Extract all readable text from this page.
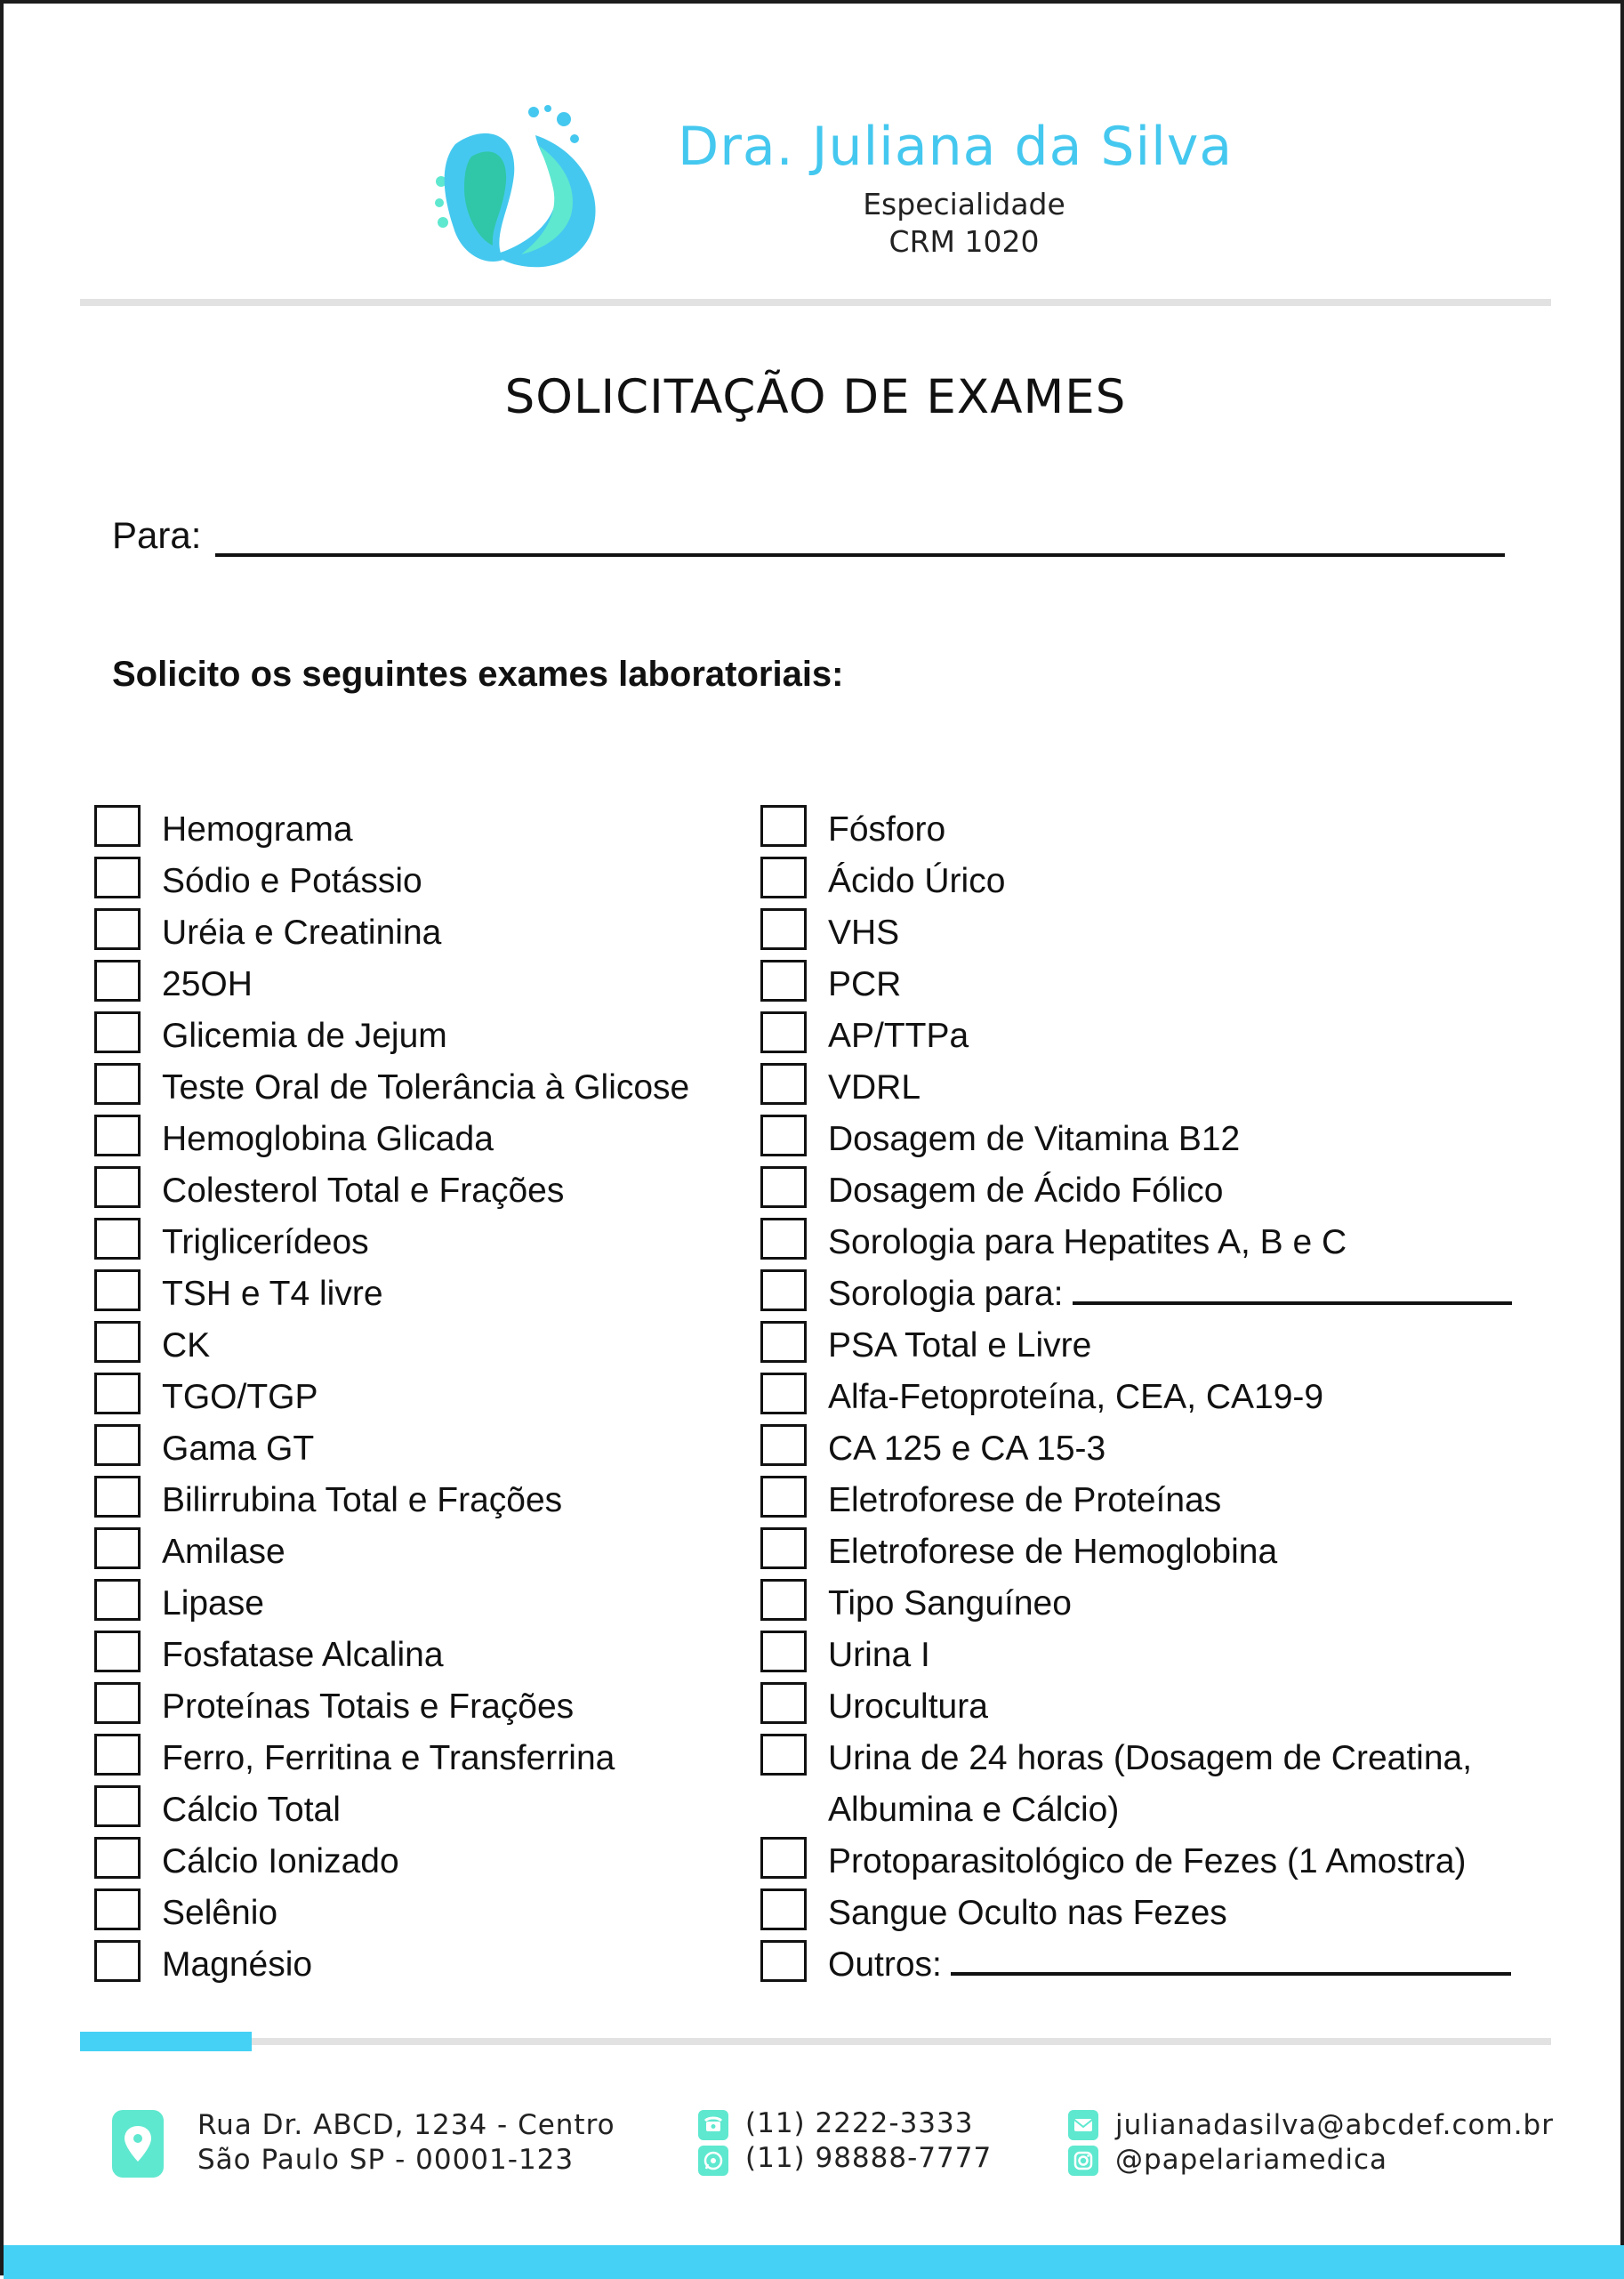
Dra. Juliana da Silva
Especialidade
CRM 1020
SOLICITAÇÃO DE EXAMES
Para:
Solicito os seguintes exames laboratoriais:
Hemograma
Sódio e Potássio
Uréia e Creatinina
25OH
Glicemia de Jejum
Teste Oral de Tolerância à Glicose
Hemoglobina Glicada
Colesterol Total e Frações
Triglicerídeos
TSH e T4 livre
CK
TGO/TGP
Gama GT
Bilirrubina Total e Frações
Amilase
Lipase
Fosfatase Alcalina
Proteínas Totais e Frações
Ferro, Ferritina e Transferrina
Cálcio Total
Cálcio Ionizado
Selênio
Magnésio
Fósforo
Ácido Úrico
VHS
PCR
AP/TTPa
VDRL
Dosagem de Vitamina B12
Dosagem de Ácido Fólico
Sorologia para Hepatites A, B e C
Sorologia para:
PSA Total e Livre
Alfa-Fetoproteína, CEA, CA19-9
CA 125 e CA 15-3
Eletroforese de Proteínas
Eletroforese de Hemoglobina
Tipo Sanguíneo
Urina I
Urocultura
Urina de 24 horas (Dosagem de Creatina, Albumina e Cálcio)
Protoparasitológico de Fezes (1 Amostra)
Sangue Oculto nas Fezes
Outros:
Rua Dr. ABCD, 1234 - Centro
São Paulo SP - 00001-123
(11) 2222-3333
(11) 98888-7777
julianadasilva@abcdef.com.br
@papelariamedica
